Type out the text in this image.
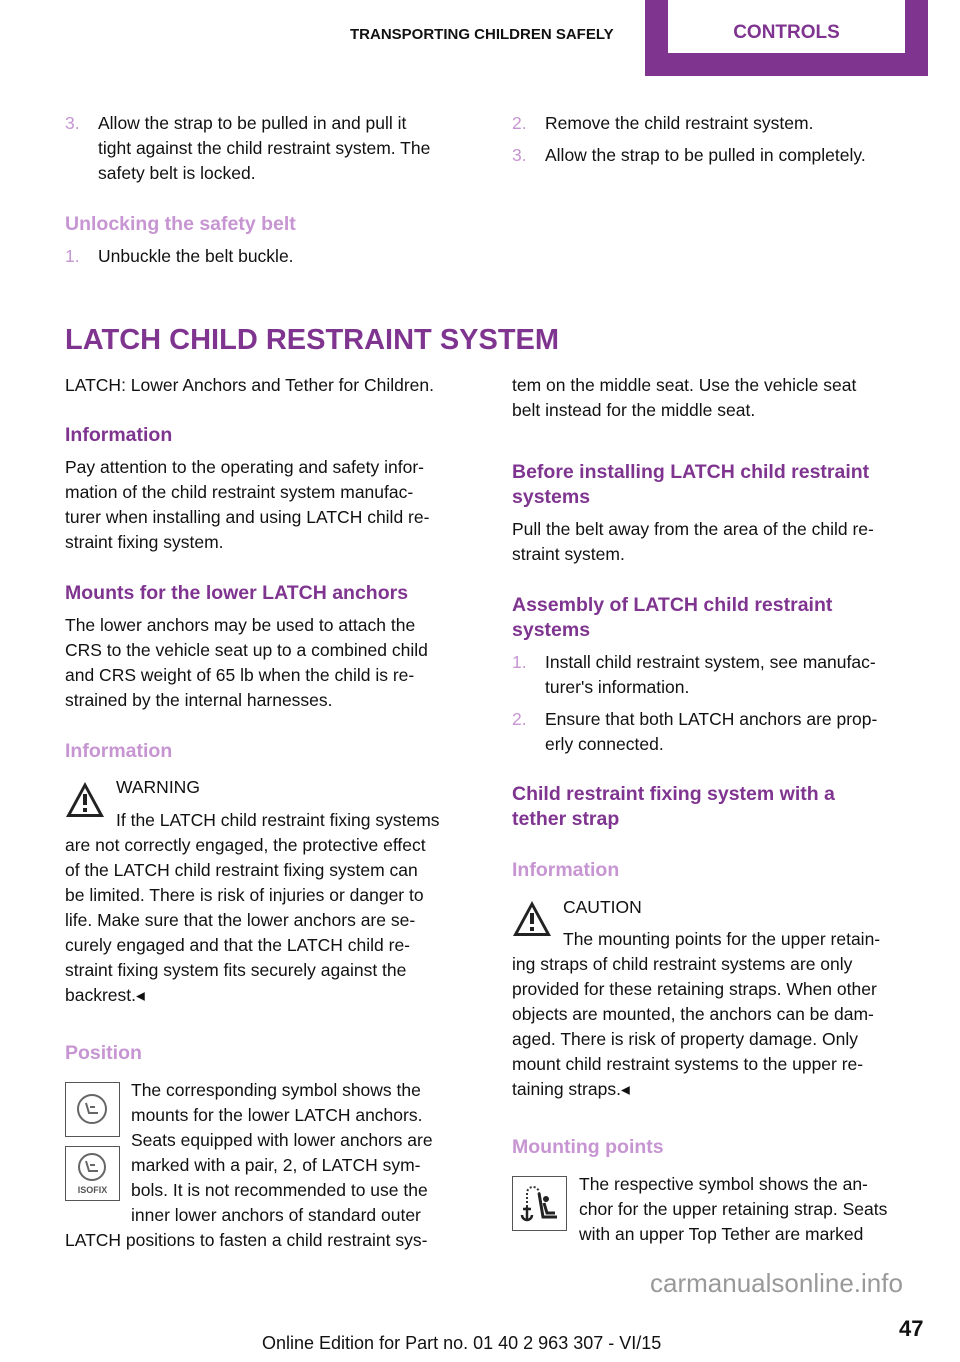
TRANSPORTING CHILDREN SAFELY	CONTROLS
3.	Allow the strap to be pulled in and pull it
tight against the child restraint system. The
safety belt is locked.
Unlocking the safety belt
1.	Unbuckle the belt buckle.
2.	Remove the child restraint system.
3.	Allow the strap to be pulled in completely.
LATCH CHILD RESTRAINT SYSTEM
LATCH: Lower Anchors and Tether for Children.
Information
Pay attention to the operating and safety infor-
mation of the child restraint system manufac-
turer when installing and using LATCH child re-
straint fixing system.
Mounts for the lower LATCH anchors
The lower anchors may be used to attach the
CRS to the vehicle seat up to a combined child
and CRS weight of 65 lb when the child is re-
strained by the internal harnesses.
Information
WARNING
If the LATCH child restraint fixing systems
are not correctly engaged, the protective effect
of the LATCH child restraint fixing system can
be limited. There is risk of injuries or danger to
life. Make sure that the lower anchors are se-
curely engaged and that the LATCH child re-
straint fixing system fits securely against the
backrest.◂
Position
ISOFIX
The corresponding symbol shows the
mounts for the lower LATCH anchors.
Seats equipped with lower anchors are
marked with a pair, 2, of LATCH sym-
bols. It is not recommended to use the
inner lower anchors of standard outer
LATCH positions to fasten a child restraint sys-
tem on the middle seat. Use the vehicle seat
belt instead for the middle seat.
Before installing LATCH child restraint
systems
Pull the belt away from the area of the child re-
straint system.
Assembly of LATCH child restraint
systems
1.	Install child restraint system, see manufac-
turer's information.
2.	Ensure that both LATCH anchors are prop-
erly connected.
Child restraint fixing system with a
tether strap
Information
CAUTION
The mounting points for the upper retain-
ing straps of child restraint systems are only
provided for these retaining straps. When other
objects are mounted, the anchors can be dam-
aged. There is risk of property damage. Only
mount child restraint systems to the upper re-
taining straps.◂
Mounting points
The respective symbol shows the an-
chor for the upper retaining strap. Seats
with an upper Top Tether are marked
carmanualsonline.info
Online Edition for Part no. 01 40 2 963 307 - VI/15
47
